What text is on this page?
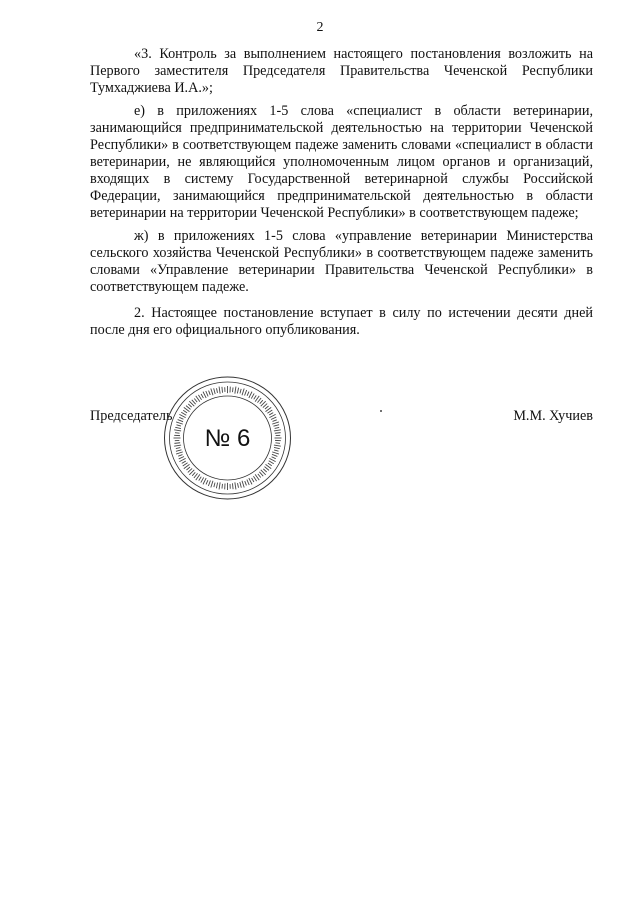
2

«3. Контроль за выполнением настоящего постановления возложить на Первого заместителя Председателя Правительства Чеченской Республики Тумхаджиева И.А.»;

е) в приложениях 1-5 слова «специалист в области ветеринарии, занимающийся предпринимательской деятельностью на территории Чеченской Республики» в соответствующем падеже заменить словами «специалист в области ветеринарии, не являющийся уполномоченным лицом органов и организаций, входящих в систему Государственной ветеринарной службы Российской Федерации, занимающийся предпринимательской деятельностью в области ветеринарии на территории Чеченской Республики» в соответствующем падеже;

ж) в приложениях 1-5 слова «управление ветеринарии Министерства сельского хозяйства Чеченской Республики» в соответствующем падеже заменить словами «Управление ветеринарии Правительства Чеченской Республики» в соответствующем падеже.

2. Настоящее постановление вступает в силу по истечении десяти дней после дня его официального опубликования.

Председатель	М.М. Хучиев
№ 6
